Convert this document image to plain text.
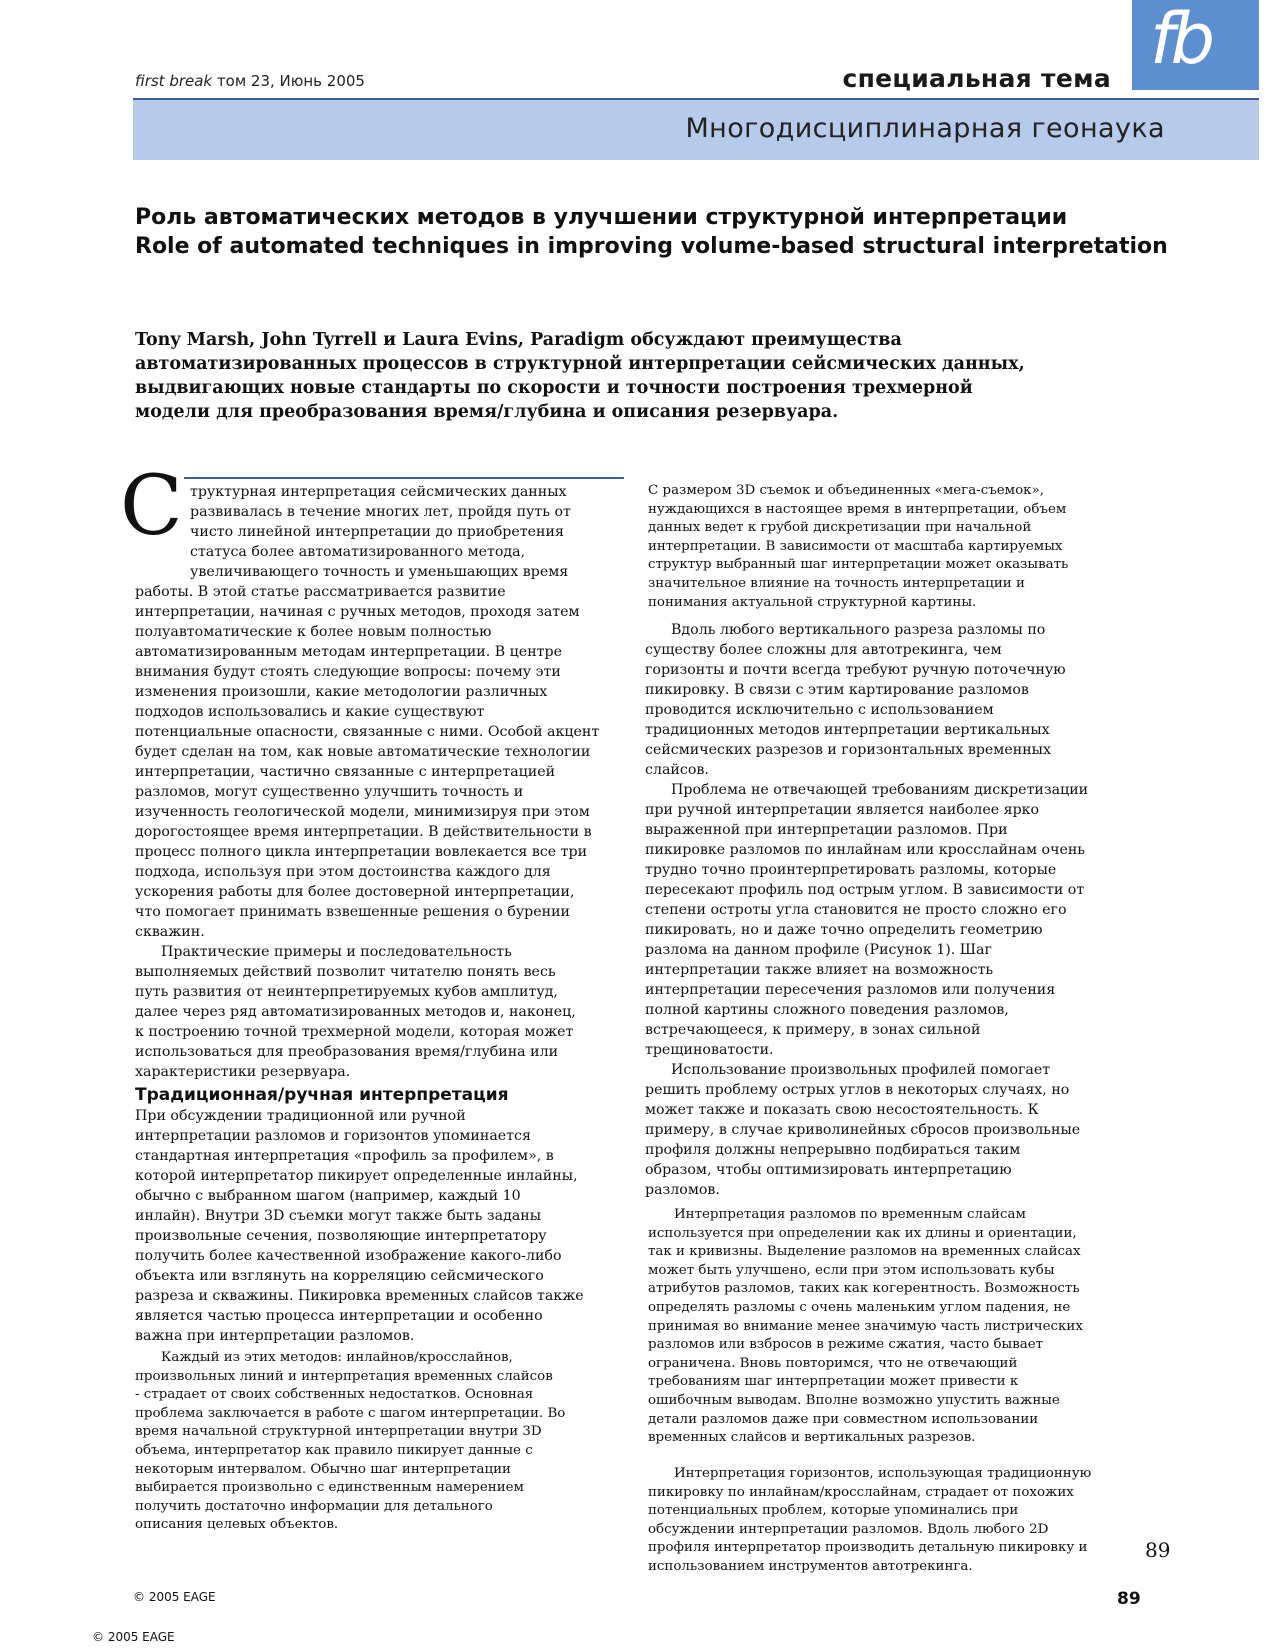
first break том 23, Июнь 2005	специальная тема
Многодисциплинарная геонаука
fb
Роль автоматических методов в улучшении структурной интерпретации
Role of automated techniques in improving volume-based structural interpretation

Tony Marsh, John Tyrrell и Laura Evins, Paradigm обсуждают преимущества

автоматизированных процессов в структурной интерпретации сейсмических данных,

выдвигающих новые стандарты по скорости и точности построения трехмерной

модели для преобразования время/глубина и описания резервуара.

С труктурная интерпретация сейсмических данных

развивалась в течение многих лет, пройдя путь от

чисто линейной интерпретации до приобретения

статуса более автоматизированного метода,

увеличивающего точность и уменьшающих время

работы. В этой статье рассматривается развитие

интерпретации, начиная с ручных методов, проходя затем

полуавтоматические к более новым полностью

автоматизированным методам интерпретации. В центре

внимания будут стоять следующие вопросы: почему эти

изменения произошли, какие методологии различных

подходов использовались и какие существуют

потенциальные опасности, связанные с ними. Особой акцент

будет сделан на том, как новые автоматические технологии

интерпретации, частично связанные с интерпретацией

разломов, могут существенно улучшить точность и

изученность геологической модели, минимизируя при этом

дорогостоящее время интерпретации. В действительности в

процесс полного цикла интерпретации вовлекается все три

подхода, используя при этом достоинства каждого для

ускорения работы для более достоверной интерпретации,

что помогает принимать взвешенные решения о бурении

скважин.

Практические примеры и последовательность

выполняемых действий позволит читателю понять весь

путь развития от неинтерпретируемых кубов амплитуд,

далее через ряд автоматизированных методов и, наконец,

к построению точной трехмерной модели, которая может

использоваться для преобразования время/глубина или

характеристики резервуара.

Традиционная/ручная интерпретация

При обсуждении традиционной или ручной

интерпретации разломов и горизонтов упоминается

стандартная интерпретация «профиль за профилем», в

которой интерпретатор пикирует определенные инлайны,

обычно с выбранном шагом (например, каждый 10

инлайн). Внутри 3D съемки могут также быть заданы

произвольные сечения, позволяющие интерпретатору

получить более качественной изображение какого-либо

объекта или взглянуть на корреляцию сейсмического

разреза и скважины. Пикировка временных слайсов также

является частью процесса интерпретации и особенно

важна при интерпретации разломов.

Каждый из этих методов: инлайнов/кросслайнов,

произвольных линий и интерпретация временных слайсов

- страдает от своих собственных недостатков. Основная

проблема заключается в работе с шагом интерпретации. Во

время начальной структурной интерпретации внутри 3D

объема, интерпретатор как правило пикирует данные с

некоторым интервалом. Обычно шаг интерпретации

выбирается произвольно с единственным намерением

получить достаточно информации для детального

описания целевых объектов.

С размером 3D съемок и объединенных «мега-съемок»,

нуждающихся в настоящее время в интерпретации, объем

данных ведет к грубой дискретизации при начальной

интерпретации. В зависимости от масштаба картируемых

структур выбранный шаг интерпретации может оказывать

значительное влияние на точность интерпретации и

понимания актуальной структурной картины.

Вдоль любого вертикального разреза разломы по

существу более сложны для автотрекинга, чем

горизонты и почти всегда требуют ручную поточечную

пикировку. В связи с этим картирование разломов

проводится исключительно с использованием

традиционных методов интерпретации вертикальных

сейсмических разрезов и горизонтальных временных

слайсов.

Проблема не отвечающей требованиям дискретизации

при ручной интерпретации является наиболее ярко

выраженной при интерпретации разломов. При

пикировке разломов по инлайнам или кросслайнам очень

трудно точно проинтерпретировать разломы, которые

пересекают профиль под острым углом. В зависимости от

степени остроты угла становится не просто сложно его

пикировать, но и даже точно определить геометрию

разлома на данном профиле (Рисунок 1). Шаг

интерпретации также влияет на возможность

интерпретации пересечения разломов или получения

полной картины сложного поведения разломов,

встречающееся, к примеру, в зонах сильной

трещиноватости.

Использование произвольных профилей помогает

решить проблему острых углов в некоторых случаях, но

может также и показать свою несостоятельность. К

примеру, в случае криволинейных сбросов произвольные

профиля должны непрерывно подбираться таким

образом, чтобы оптимизировать интерпретацию

разломов.

Интерпретация разломов по временным слайсам

используется при определении как их длины и ориентации,

так и кривизны. Выделение разломов на временных слайсах

может быть улучшено, если при этом использовать кубы

атрибутов разломов, таких как когерентность. Возможность

определять разломы с очень маленьким углом падения, не

принимая во внимание менее значимую часть листрических

разломов или взбросов в режиме сжатия, часто бывает

ограничена. Вновь повторимся, что не отвечающий

требованиям шаг интерпретации может привести к

ошибочным выводам. Вполне возможно упустить важные

детали разломов даже при совместном использовании

временных слайсов и вертикальных разрезов.

Интерпретация горизонтов, использующая традиционную

пикировку по инлайнам/кросслайнам, страдает от похожих

потенциальных проблем, которые упоминались при

обсуждении интерпретации разломов. Вдоль любого 2D

профиля интерпретатор производить детальную пикировку и

использованием инструментов автотрекинга.

89
© 2005 EAGE	89
© 2005 EAGE
